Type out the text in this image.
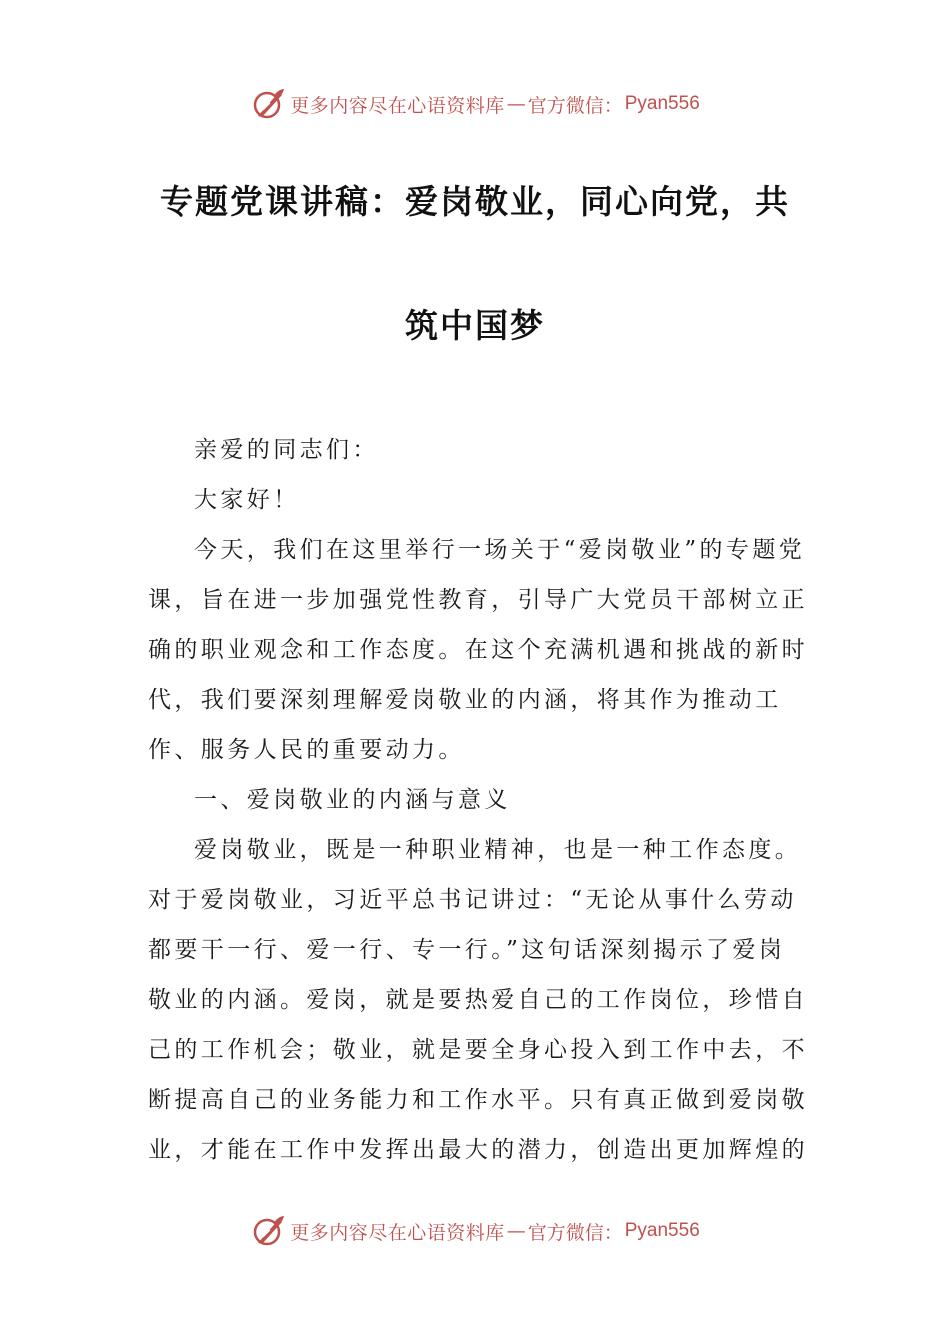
更多内容尽在心语资料库 — 官方微信： Pyan556
专题党课讲稿：爱岗敬业，同心向党，共
筑中国梦

亲爱的同志们：

大家好！

今天，我们在这里举行一场关于“爱岗敬业”的专题党课，旨在进一步加强党性教育，引导广大党员干部树立正确的职业观念和工作态度。在这个充满机遇和挑战的新时代，我们要深刻理解爱岗敬业的内涵，将其作为推动工作、服务人民的重要动力。

一、爱岗敬业的内涵与意义

爱岗敬业，既是一种职业精神，也是一种工作态度。对于爱岗敬业，习近平总书记讲过：“无论从事什么劳动都要干一行、爱一行、专一行。”这句话深刻揭示了爱岗敬业的内涵。爱岗，就是要热爱自己的工作岗位，珍惜自己的工作机会；敬业，就是要全身心投入到工作中去，不断提高自己的业务能力和工作水平。只有真正做到爱岗敬业，才能在工作中发挥出最大的潜力，创造出更加辉煌的

更多内容尽在心语资料库 — 官方微信： Pyan556
